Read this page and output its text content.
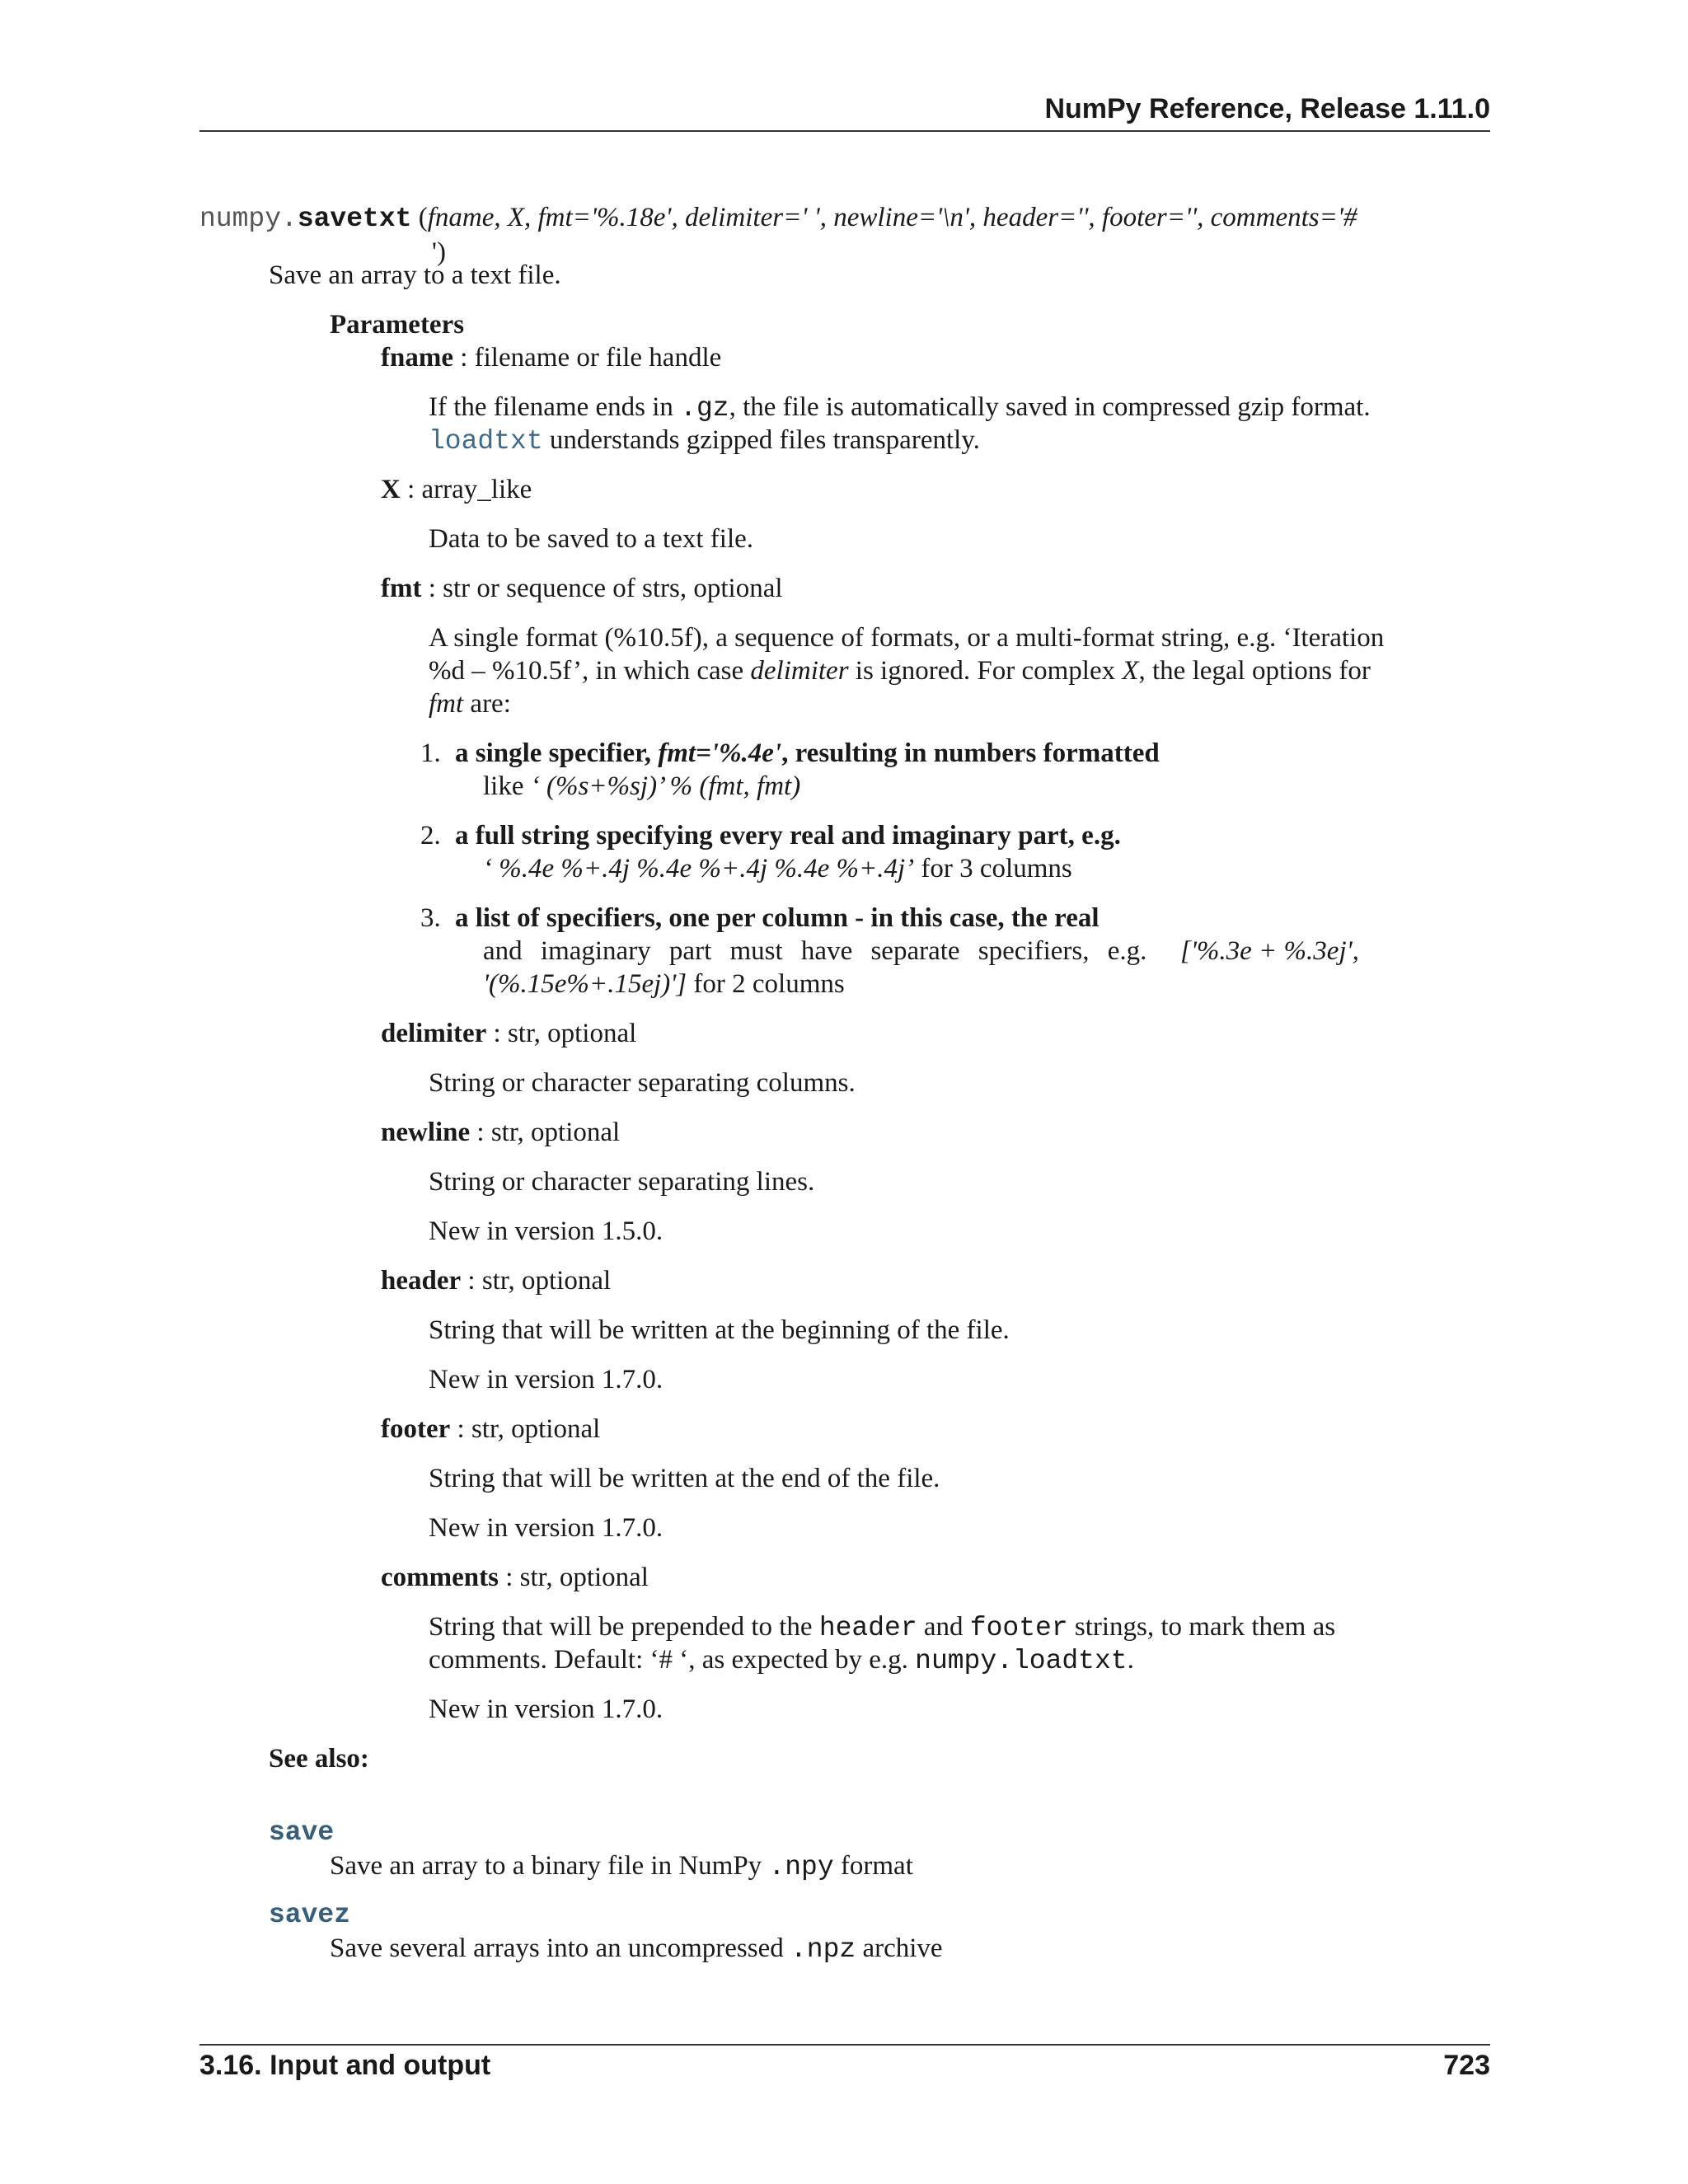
NumPy Reference, Release 1.11.0
numpy.savetxt (fname, X, fmt='%.18e', delimiter=' ', newline='\n', header='', footer='', comments='#
')
Save an array to a text file.
Parameters
fname : filename or file handle
If the filename ends in .gz, the file is automatically saved in compressed gzip format.
loadtxt understands gzipped files transparently.
X : array_like
Data to be saved to a text file.
fmt : str or sequence of strs, optional
A single format (%10.5f), a sequence of formats, or a multi-format string, e.g. ‘Iteration
%d – %10.5f’, in which case delimiter is ignored. For complex X, the legal options for
fmt are:
1. a single specifier, fmt='%.4e', resulting in numbers formatted
like ‘ (%s+%sj)’ % (fmt, fmt)
2. a full string specifying every real and imaginary part, e.g.
‘ %.4e %+.4j %.4e %+.4j %.4e %+.4j’ for 3 columns
3. a list of specifiers, one per column - in this case, the real
and imaginary part must have separate specifiers, e.g. ['%.3e + %.3ej',
'(%.15e%+.15ej)'] for 2 columns
delimiter : str, optional
String or character separating columns.
newline : str, optional
String or character separating lines.
New in version 1.5.0.
header : str, optional
String that will be written at the beginning of the file.
New in version 1.7.0.
footer : str, optional
String that will be written at the end of the file.
New in version 1.7.0.
comments : str, optional
String that will be prepended to the header and footer strings, to mark them as
comments. Default: ‘# ‘, as expected by e.g. numpy.loadtxt.
New in version 1.7.0.
See also:
save
Save an array to a binary file in NumPy .npy format
savez
Save several arrays into an uncompressed .npz archive
3.16. Input and output	723
